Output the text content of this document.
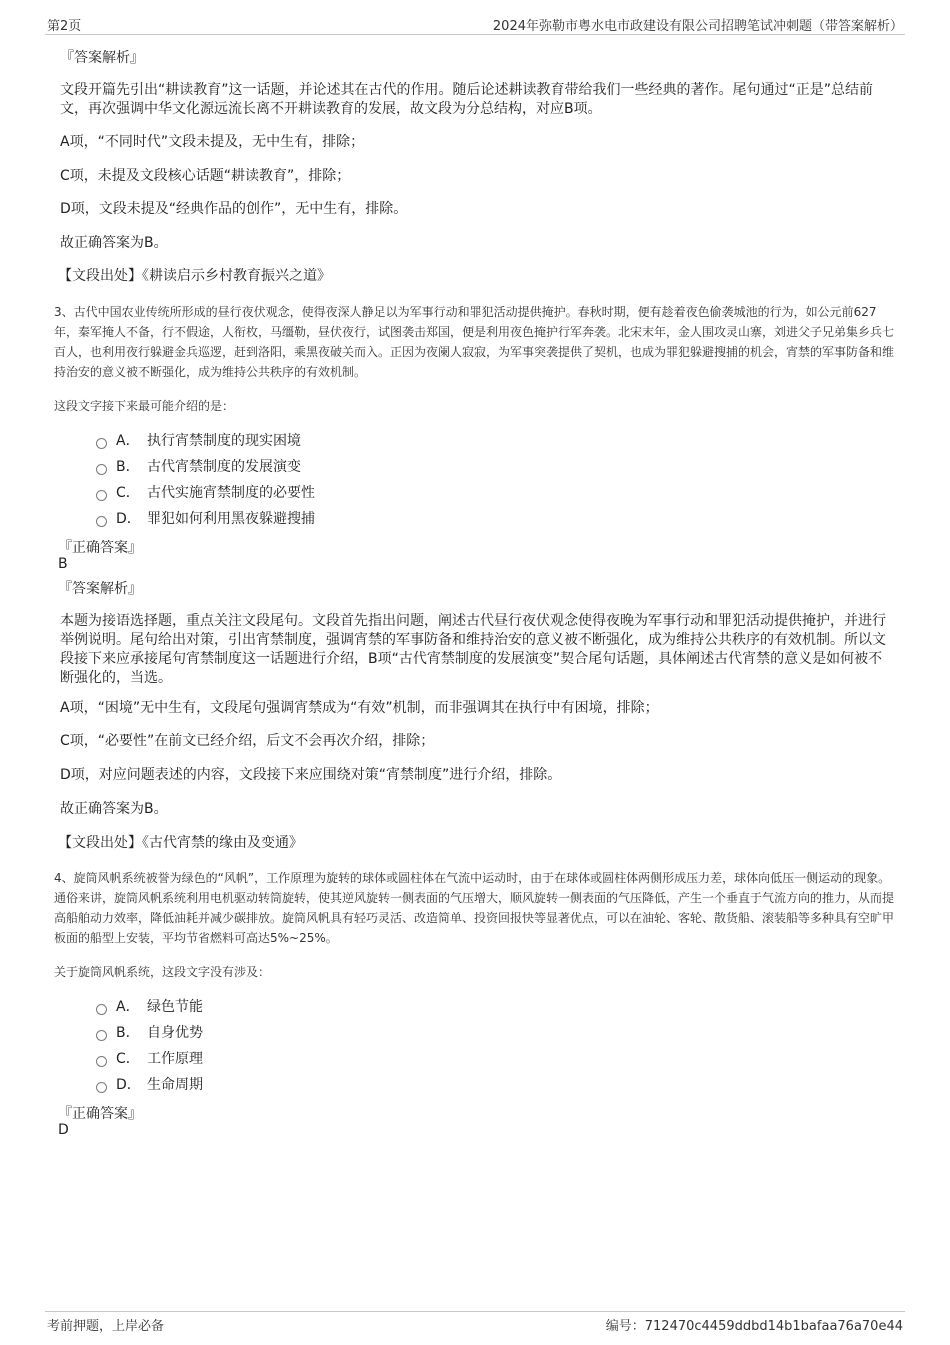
第2页	2024年弥勒市粤水电市政建设有限公司招聘笔试冲刺题（带答案解析）
『答案解析』

文段开篇先引出“耕读教育”这一话题，并论述其在古代的作用。随后论述耕读教育带给我们一些经典的著作。尾句通过“正是”总结前文，再次强调中华文化源远流长离不开耕读教育的发展，故文段为分总结构，对应B项。

A项，“不同时代”文段未提及，无中生有，排除；

C项，未提及文段核心话题“耕读教育”，排除；

D项，文段未提及“经典作品的创作”，无中生有，排除。

故正确答案为B。

【文段出处】《耕读启示乡村教育振兴之道》

3、古代中国农业传统所形成的昼行夜伏观念，使得夜深人静足以为军事行动和罪犯活动提供掩护。春秋时期，便有趁着夜色偷袭城池的行为，如公元前627年，秦军掩人不备，行不假途，人衔枚，马缰勒，昼伏夜行，试图袭击郑国，便是利用夜色掩护行军奔袭。北宋末年，金人围攻灵山寨，刘进父子兄弟集乡兵七百人，也利用夜行躲避金兵巡逻，赶到洛阳，乘黑夜破关而入。正因为夜阑人寂寂，为军事突袭提供了契机，也成为罪犯躲避搜捕的机会，宵禁的军事防备和维持治安的意义被不断强化，成为维持公共秩序的有效机制。

这段文字接下来最可能介绍的是：

A． 执行宵禁制度的现实困境
B． 古代宵禁制度的发展演变
C． 古代实施宵禁制度的必要性
D． 罪犯如何利用黑夜躲避搜捕
『正确答案』
B
『答案解析』

本题为接语选择题，重点关注文段尾句。文段首先指出问题，阐述古代昼行夜伏观念使得夜晚为军事行动和罪犯活动提供掩护，并进行举例说明。尾句给出对策，引出宵禁制度，强调宵禁的军事防备和维持治安的意义被不断强化，成为维持公共秩序的有效机制。所以文段接下来应承接尾句宵禁制度这一话题进行介绍，B项“古代宵禁制度的发展演变”契合尾句话题，具体阐述古代宵禁的意义是如何被不断强化的，当选。

A项，“困境”无中生有，文段尾句强调宵禁成为“有效”机制，而非强调其在执行中有困境，排除；

C项，“必要性”在前文已经介绍，后文不会再次介绍，排除；

D项，对应问题表述的内容，文段接下来应围绕对策“宵禁制度”进行介绍，排除。

故正确答案为B。

【文段出处】《古代宵禁的缘由及变通》

4、旋筒风帆系统被誉为绿色的“风帆”，工作原理为旋转的球体或圆柱体在气流中运动时，由于在球体或圆柱体两侧形成压力差，球体向低压一侧运动的现象。通俗来讲，旋筒风帆系统利用电机驱动转筒旋转，使其逆风旋转一侧表面的气压增大，顺风旋转一侧表面的气压降低，产生一个垂直于气流方向的推力，从而提高船舶动力效率，降低油耗并减少碳排放。旋筒风帆具有轻巧灵活、改造简单、投资回报快等显著优点，可以在油轮、客轮、散货船、滚装船等多种具有空旷甲板面的船型上安装，平均节省燃料可高达5%~25%。

关于旋筒风帆系统，这段文字没有涉及：

A． 绿色节能
B． 自身优势
C． 工作原理
D． 生命周期
『正确答案』
D
考前押题，上岸必备	编号：712470c4459ddbd14b1bafaa76a70e44
